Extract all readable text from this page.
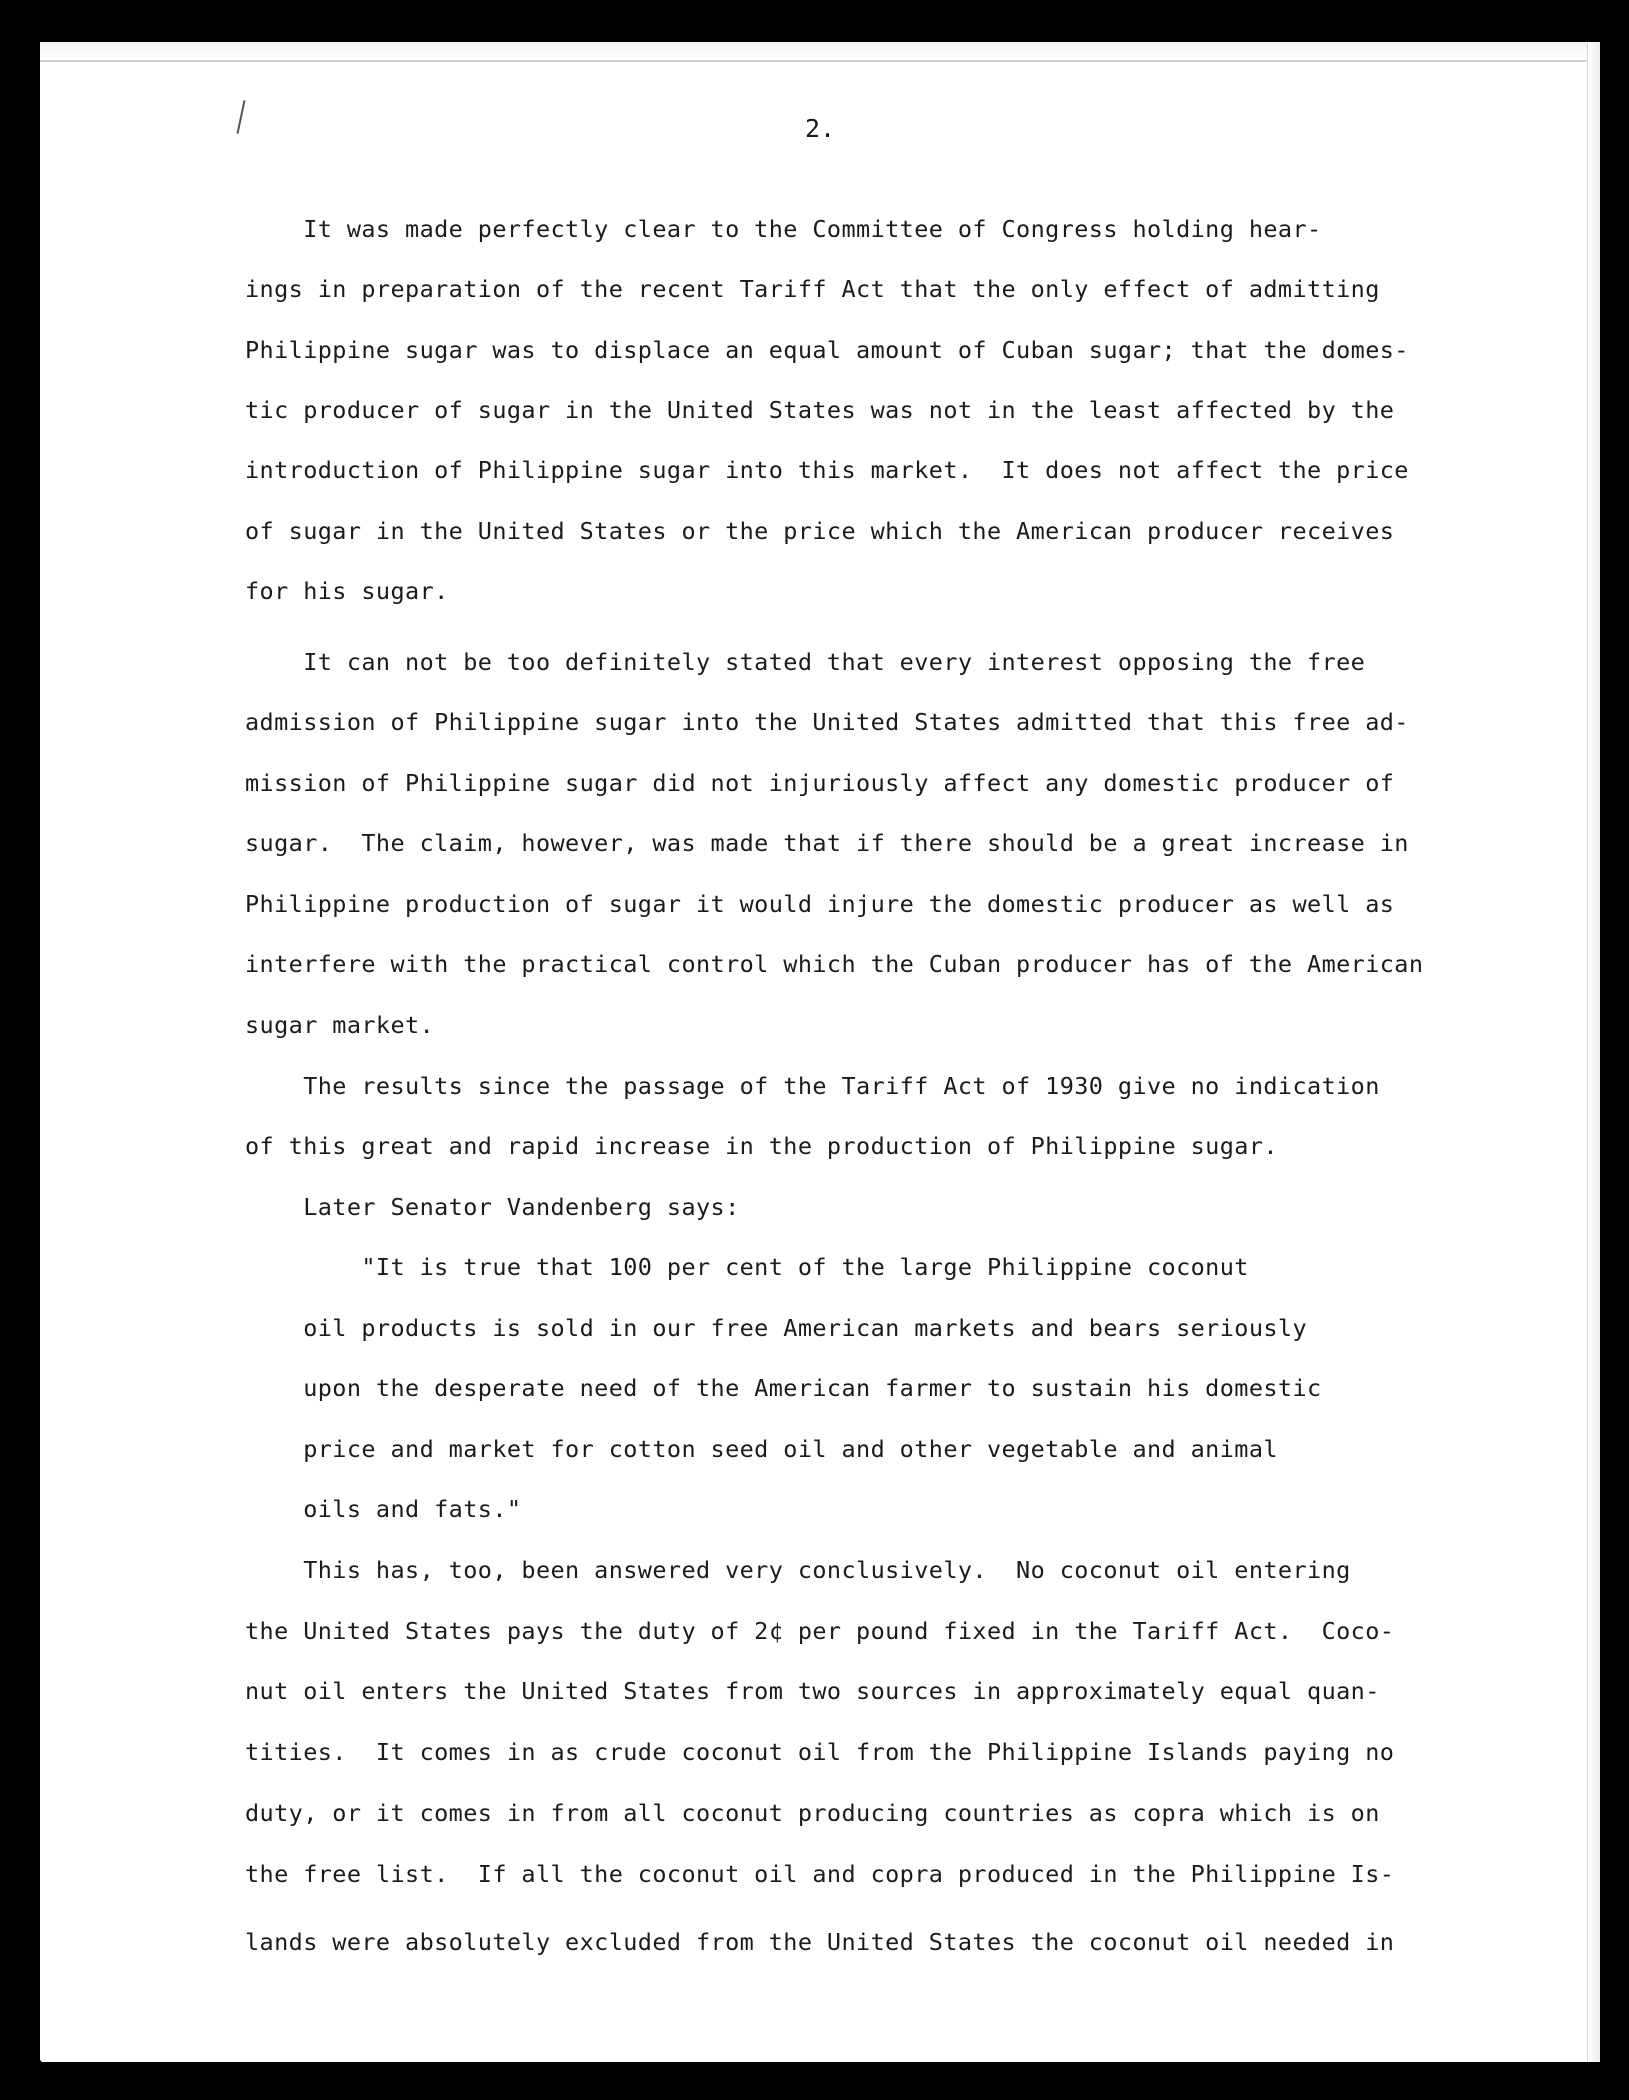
2.
It was made perfectly clear to the Committee of Congress holding hear-
ings in preparation of the recent Tariff Act that the only effect of admitting
Philippine sugar was to displace an equal amount of Cuban sugar; that the domes-
tic producer of sugar in the United States was not in the least affected by the
introduction of Philippine sugar into this market.  It does not affect the price
of sugar in the United States or the price which the American producer receives
for his sugar.
It can not be too definitely stated that every interest opposing the free
admission of Philippine sugar into the United States admitted that this free ad-
mission of Philippine sugar did not injuriously affect any domestic producer of
sugar.  The claim, however, was made that if there should be a great increase in
Philippine production of sugar it would injure the domestic producer as well as
interfere with the practical control which the Cuban producer has of the American
sugar market.
The results since the passage of the Tariff Act of 1930 give no indication
of this great and rapid increase in the production of Philippine sugar.
Later Senator Vandenberg says:
"It is true that 100 per cent of the large Philippine coconut
oil products is sold in our free American markets and bears seriously
upon the desperate need of the American farmer to sustain his domestic
price and market for cotton seed oil and other vegetable and animal
oils and fats."
This has, too, been answered very conclusively.  No coconut oil entering
the United States pays the duty of 2¢ per pound fixed in the Tariff Act.  Coco-
nut oil enters the United States from two sources in approximately equal quan-
tities.  It comes in as crude coconut oil from the Philippine Islands paying no
duty, or it comes in from all coconut producing countries as copra which is on
the free list.  If all the coconut oil and copra produced in the Philippine Is-
lands were absolutely excluded from the United States the coconut oil needed in
